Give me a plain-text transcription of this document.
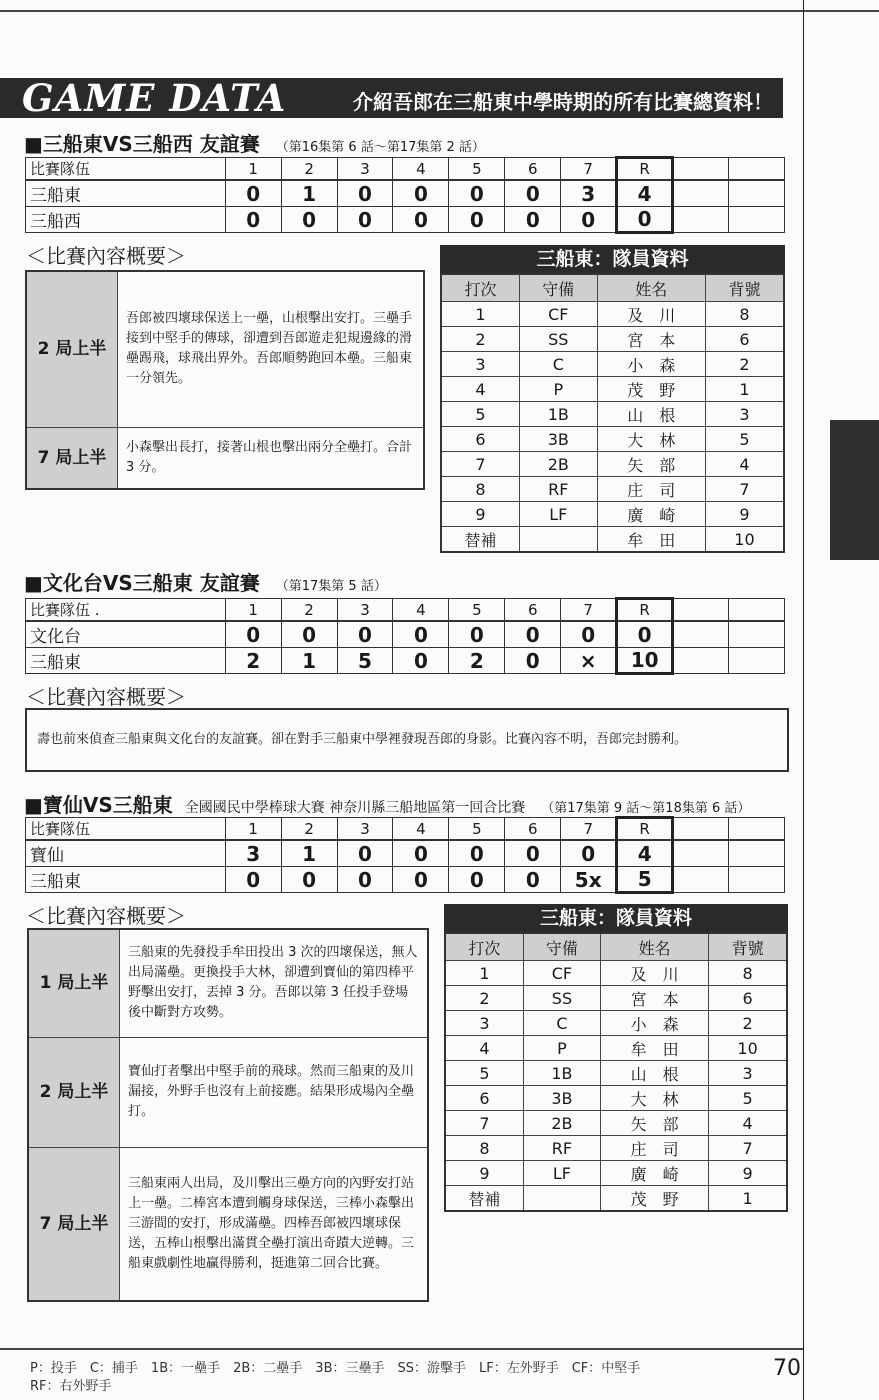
GAME DATA	介紹吾郎在三船東中學時期的所有比賽總資料！
■三船東VS三船西 友誼賽 （第16集第 6 話～第17集第 2 話）
比賽隊伍	1	2	3	4	5	6	7	R		
三船東	0	1	0	0	0	0	3	4		
三船西	0	0	0	0	0	0	0	0		
＜比賽內容概要＞
2 局上半	吾郎被四壞球保送上一壘，山根擊出安打。三壘手接到中堅手的傳球，卻遭到吾郎遊走犯規邊緣的滑壘踢飛，球飛出界外。吾郎順勢跑回本壘。三船東一分領先。
7 局上半	小森擊出長打，接著山根也擊出兩分全壘打。合計 3 分。
三船東：隊員資料
打次	守備	姓名	背號
1	CF	及　川	8
2	SS	宮　本	6
3	C	小　森	2
4	P	茂　野	1
5	1B	山　根	3
6	3B	大　林	5
7	2B	矢　部	4
8	RF	庄　司	7
9	LF	廣　崎	9
替補		牟　田	10
■文化台VS三船東 友誼賽 （第17集第 5 話）
比賽隊伍 .	1	2	3	4	5	6	7	R		
文化台	0	0	0	0	0	0	0	0		
三船東	2	1	5	0	2	0	×	10		
＜比賽內容概要＞
壽也前來偵查三船東與文化台的友誼賽。卻在對手三船東中學裡發現吾郎的身影。比賽內容不明，吾郎完封勝利。
■寶仙VS三船東 全國國民中學棒球大賽 神奈川縣三船地區第一回合比賽 （第17集第 9 話～第18集第 6 話）
比賽隊伍	1	2	3	4	5	6	7	R		
寶仙	3	1	0	0	0	0	0	4		
三船東	0	0	0	0	0	0	5x	5		
＜比賽內容概要＞
1 局上半	三船東的先發投手牟田投出 3 次的四壞保送，無人出局滿壘。更換投手大林，卻遭到寶仙的第四棒平野擊出安打，丟掉 3 分。吾郎以第 3 任投手登場後中斷對方攻勢。
2 局上半	寶仙打者擊出中堅手前的飛球。然而三船東的及川漏接，外野手也沒有上前接應。結果形成場內全壘打。
7 局上半	三船東兩人出局，及川擊出三壘方向的內野安打站上一壘。二棒宮本遭到觸身球保送，三棒小森擊出三游間的安打，形成滿壘。四棒吾郎被四壞球保送，五棒山根擊出滿貫全壘打演出奇蹟大逆轉。三船東戲劇性地贏得勝利，挺進第二回合比賽。
三船東：隊員資料
打次	守備	姓名	背號
1	CF	及　川	8
2	SS	宮　本	6
3	C	小　森	2
4	P	牟　田	10
5	1B	山　根	3
6	3B	大　林	5
7	2B	矢　部	4
8	RF	庄　司	7
9	LF	廣　崎	9
替補		茂　野	1
P：投手　C：捕手　1B：一壘手　2B：二壘手　3B：三壘手　SS：游擊手　LF：左外野手　CF：中堅手
RF：右外野手
70
